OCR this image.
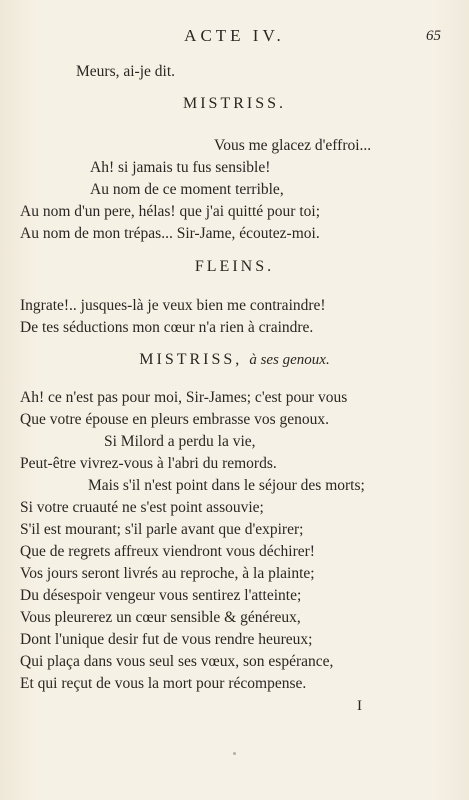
ACTE IV.	65
Meurs, ai-je dit.
MISTRISS.
Vous me glacez d'effroi...
Ah! si jamais tu fus sensible!
Au nom de ce moment terrible,
Au nom d'un pere, hélas! que j'ai quitté pour toi;
Au nom de mon trépas... Sir-Jame, écoutez-moi.
FLEINS.
Ingrate!.. jusques-là je veux bien me contraindre!
De tes séductions mon cœur n'a rien à craindre.
MISTRISS, à ses genoux.
Ah! ce n'est pas pour moi, Sir-James; c'est pour vous
Que votre épouse en pleurs embrasse vos genoux.
Si Milord a perdu la vie,
Peut-être vivrez-vous à l'abri du remords.
Mais s'il n'est point dans le séjour des morts;
Si votre cruauté ne s'est point assouvie;
S'il est mourant; s'il parle avant que d'expirer;
Que de regrets affreux viendront vous déchirer!
Vos jours seront livrés au reproche, à la plainte;
Du désespoir vengeur vous sentirez l'atteinte;
Vous pleurerez un cœur sensible & généreux,
Dont l'unique desir fut de vous rendre heureux;
Qui plaça dans vous seul ses vœux, son espérance,
Et qui reçut de vous la mort pour récompense.
I
